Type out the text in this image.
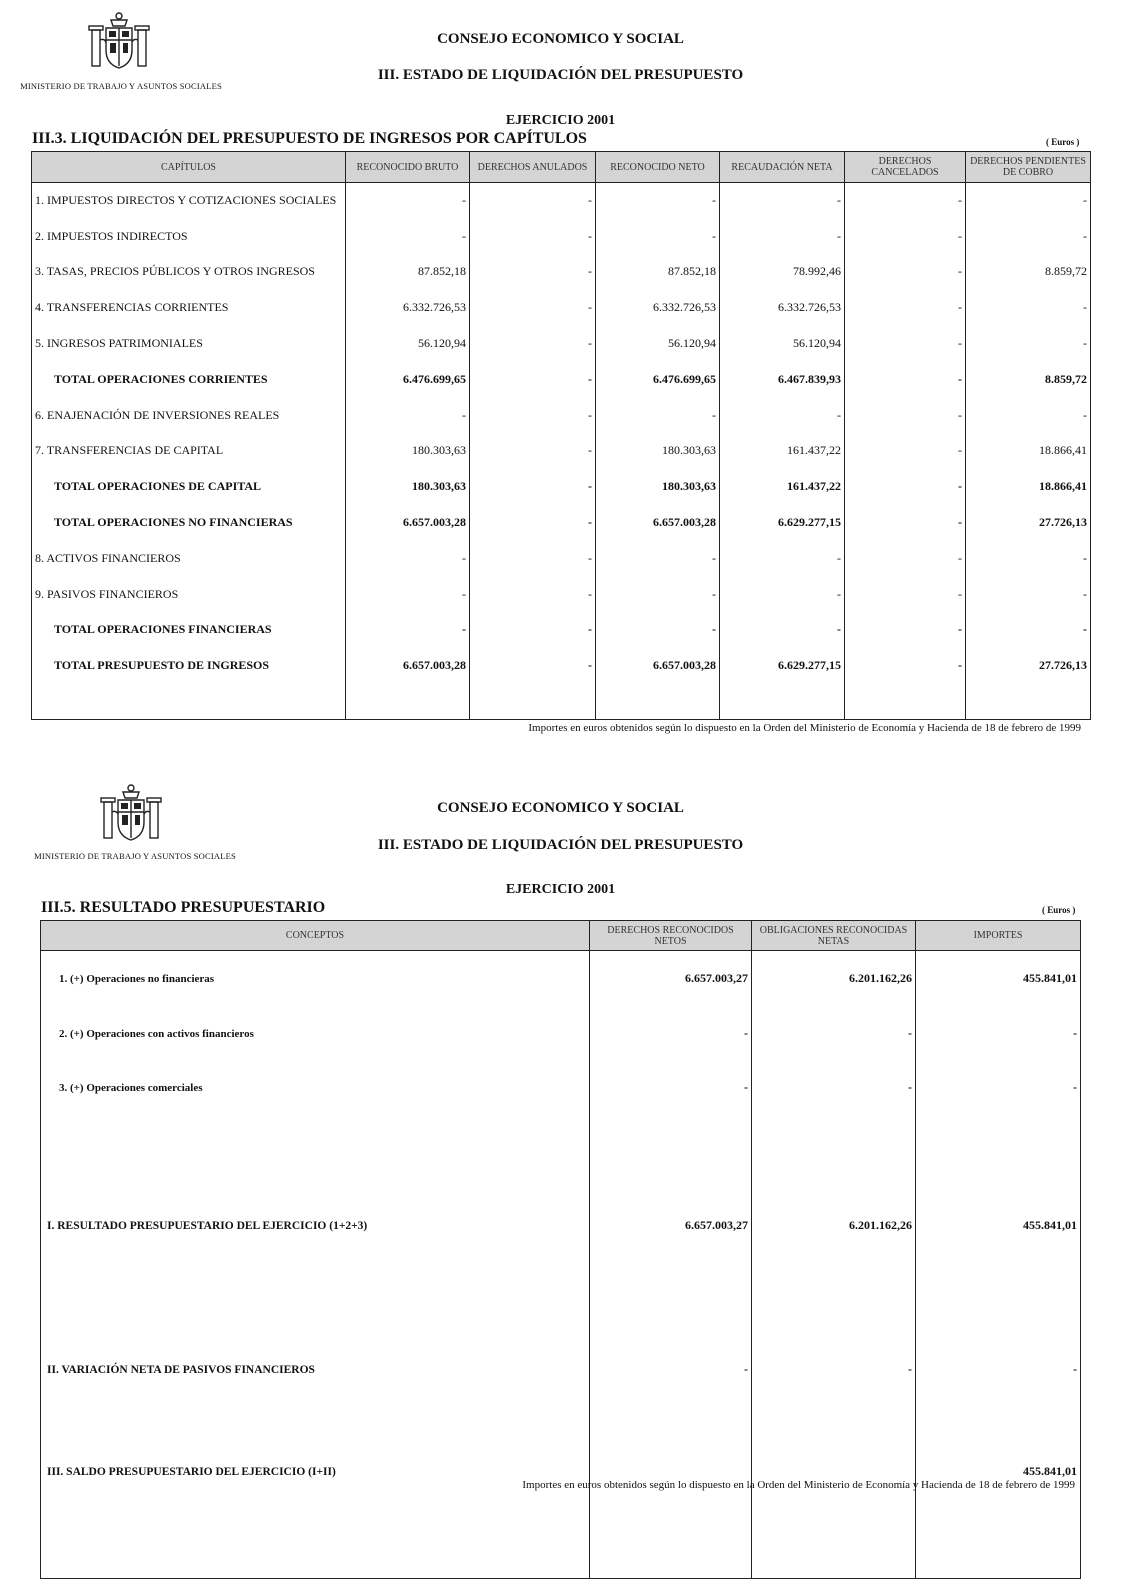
MINISTERIO DE TRABAJO Y ASUNTOS SOCIALES
CONSEJO ECONOMICO Y SOCIAL
III. ESTADO DE LIQUIDACIÓN DEL PRESUPUESTO
EJERCICIO 2001
III.3. LIQUIDACIÓN DEL PRESUPUESTO DE INGRESOS POR CAPÍTULOS	( Euros )
CAPÍTULOS	RECONOCIDO BRUTO	DERECHOS ANULADOS	RECONOCIDO NETO	RECAUDACIÓN NETA	DERECHOS CANCELADOS	DERECHOS PENDIENTES DE COBRO
1. IMPUESTOS DIRECTOS Y COTIZACIONES SOCIALES	-	-	-	-	-	-
2. IMPUESTOS INDIRECTOS	-	-	-	-	-	-
3. TASAS, PRECIOS PÚBLICOS Y OTROS INGRESOS	87.852,18	-	87.852,18	78.992,46	-	8.859,72
4. TRANSFERENCIAS CORRIENTES	6.332.726,53	-	6.332.726,53	6.332.726,53	-	-
5. INGRESOS PATRIMONIALES	56.120,94	-	56.120,94	56.120,94	-	-
TOTAL OPERACIONES CORRIENTES	6.476.699,65	-	6.476.699,65	6.467.839,93	-	8.859,72
6. ENAJENACIÓN DE INVERSIONES REALES	-	-	-	-	-	-
7. TRANSFERENCIAS DE CAPITAL	180.303,63	-	180.303,63	161.437,22	-	18.866,41
TOTAL OPERACIONES DE CAPITAL	180.303,63	-	180.303,63	161.437,22	-	18.866,41
TOTAL OPERACIONES NO FINANCIERAS	6.657.003,28	-	6.657.003,28	6.629.277,15	-	27.726,13
8. ACTIVOS FINANCIEROS	-	-	-	-	-	-
9. PASIVOS FINANCIEROS	-	-	-	-	-	-
TOTAL OPERACIONES FINANCIERAS	-	-	-	-	-	-
TOTAL PRESUPUESTO DE INGRESOS	6.657.003,28	-	6.657.003,28	6.629.277,15	-	27.726,13

Importes en euros obtenidos según lo dispuesto en la Orden del Ministerio de Economía y Hacienda de 18 de febrero de 1999
MINISTERIO DE TRABAJO Y ASUNTOS SOCIALES
CONSEJO ECONOMICO Y SOCIAL
III. ESTADO DE LIQUIDACIÓN DEL PRESUPUESTO
EJERCICIO 2001
III.5. RESULTADO PRESUPUESTARIO	( Euros )
CONCEPTOS	DERECHOS RECONOCIDOS NETOS	OBLIGACIONES RECONOCIDAS NETAS	IMPORTES
1. (+) Operaciones no financieras	6.657.003,27	6.201.162,26	455.841,01
2. (+) Operaciones con activos financieros	-	-	-
3. (+) Operaciones comerciales	-	-	-
I. RESULTADO PRESUPUESTARIO DEL EJERCICIO (1+2+3)	6.657.003,27	6.201.162,26	455.841,01
II. VARIACIÓN NETA DE PASIVOS FINANCIEROS	-	-	-
III. SALDO PRESUPUESTARIO DEL EJERCICIO (I+II)			455.841,01

Importes en euros obtenidos según lo dispuesto en la Orden del Ministerio de Economía y Hacienda de 18 de febrero de 1999
